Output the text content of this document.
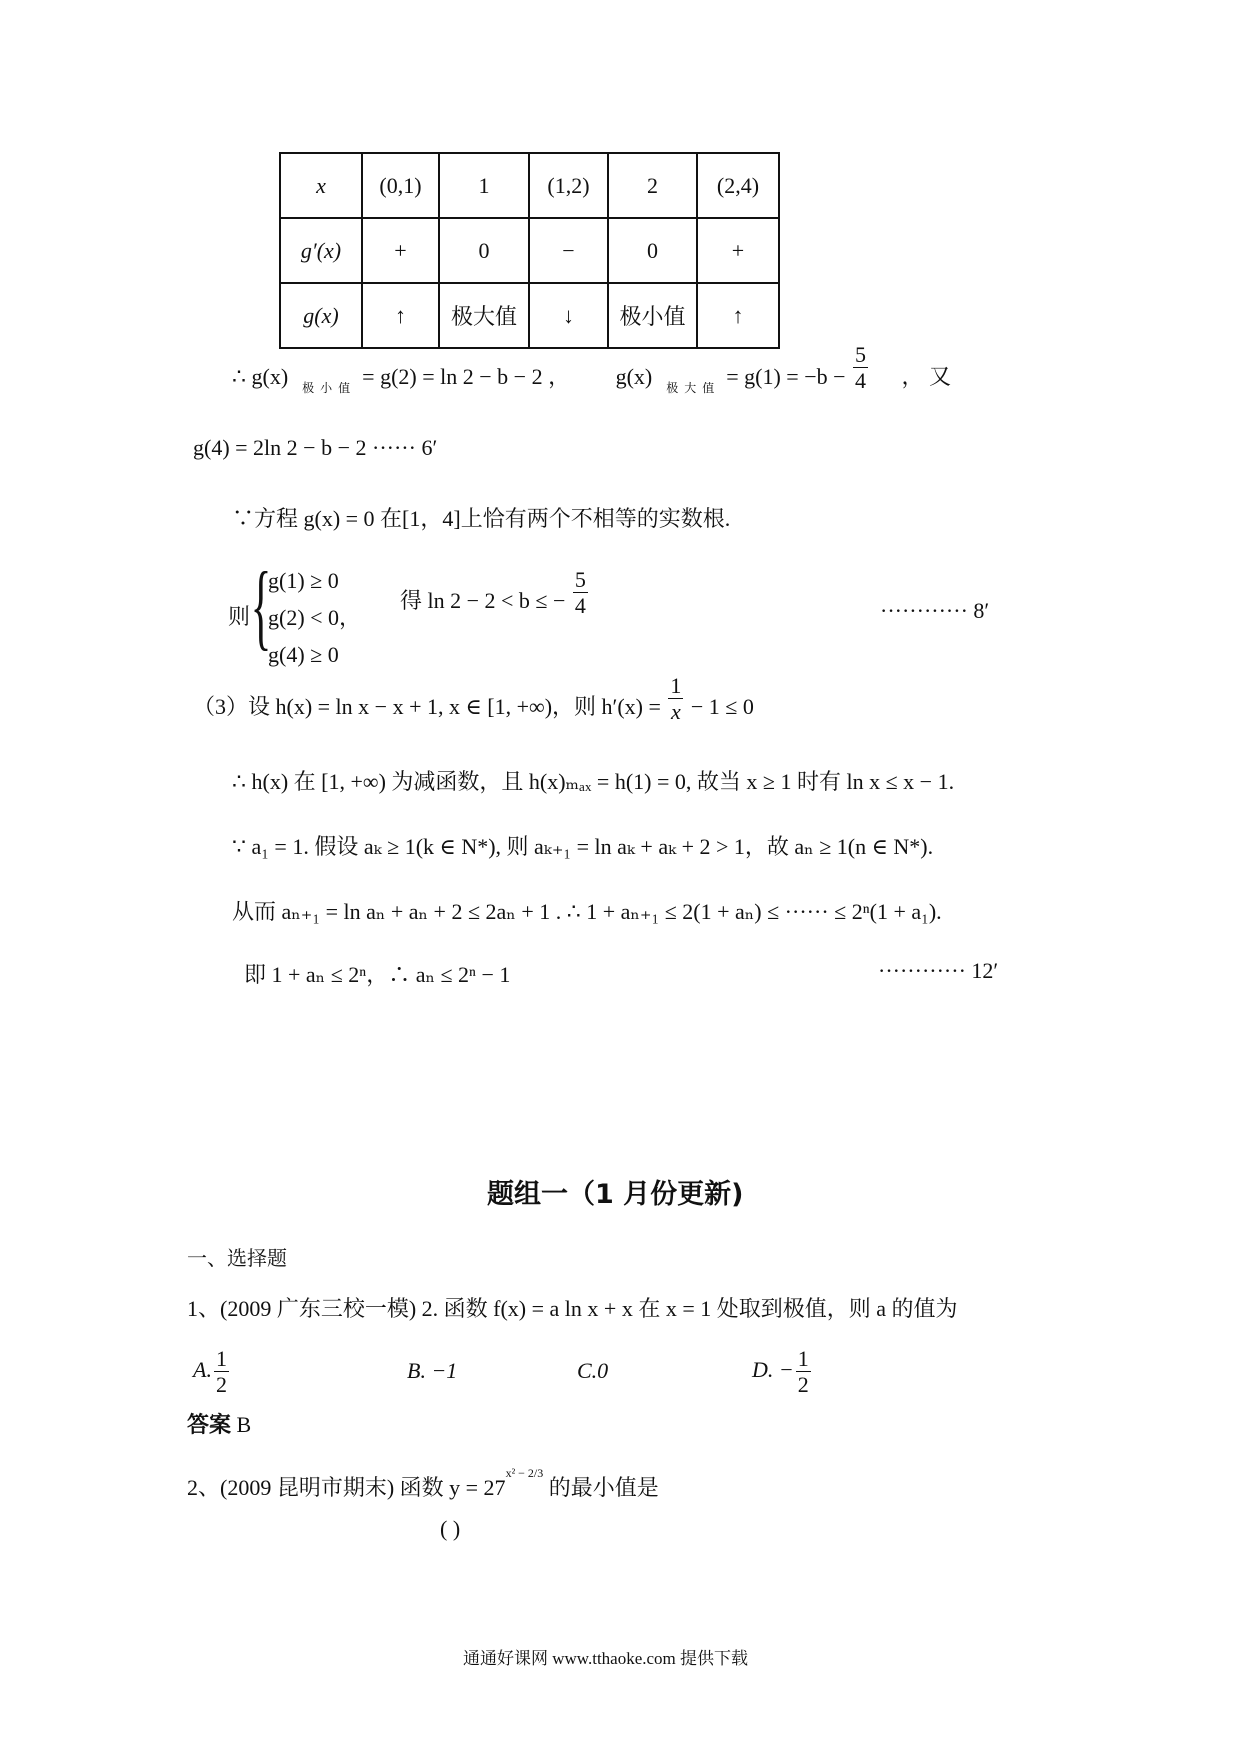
x	(0,1)	1	(1,2)	2	(2,4)
g′(x)	+	0	−	0	+
g(x)	↑	极大值	↓	极小值	↑
∴ g(x) $_{极小值}$ = g(2) = ln 2 − b − 2 ， g(x) $_{极大值} = g(1) = -b - \frac{5}{4}$ ， 又
g(4) = 2ln 2 − b − 2 ······ 6′
∵方程 g(x) = 0 在[1，4]上恰有两个不相等的实数根.
则 {
g(1) ≥ 0
g(2) < 0，
g(4) ≥ 0
得 ln 2 − 2 < b ≤ − $\frac{5}{4}$	············ 8′
（3）设 h(x) = ln x − x + 1, x ∈ [1, +∞)，则 $h'(x) = \frac{1}{x} - 1 \le 0$
∴ h(x) 在 [1, +∞) 为减函数，且 h(x)ₘₐₓ = h(1) = 0, 故当 x ≥ 1 时有 ln x ≤ x − 1.
∵ a₁ = 1. 假设 aₖ ≥ 1(k ∈ N*), 则 aₖ₊₁ = ln aₖ + aₖ + 2 > 1，故 aₙ ≥ 1(n ∈ N*).
从而 aₙ₊₁ = ln aₙ + aₙ + 2 ≤ 2aₙ + 1 . ∴ 1 + aₙ₊₁ ≤ 2(1 + aₙ) ≤ ······ ≤ 2ⁿ(1 + a₁).
即 1 + aₙ ≤ 2ⁿ，∴ aₙ ≤ 2ⁿ − 1	············ 12′
题组一（1 月份更新)
一、选择题
1、(2009 广东三校一模) 2. 函数 f(x) = a ln x + x 在 x = 1 处取到极值，则 a 的值为
A. $\frac{1}{2}$	B. −1	C.0	D. − $\frac{1}{2}$
答案 B
2、(2009 昆明市期末) 函数 $y = 27^{x^2 - 2/3}$ 的最小值是
( )
通通好课网 www.tthaoke.com 提供下载
